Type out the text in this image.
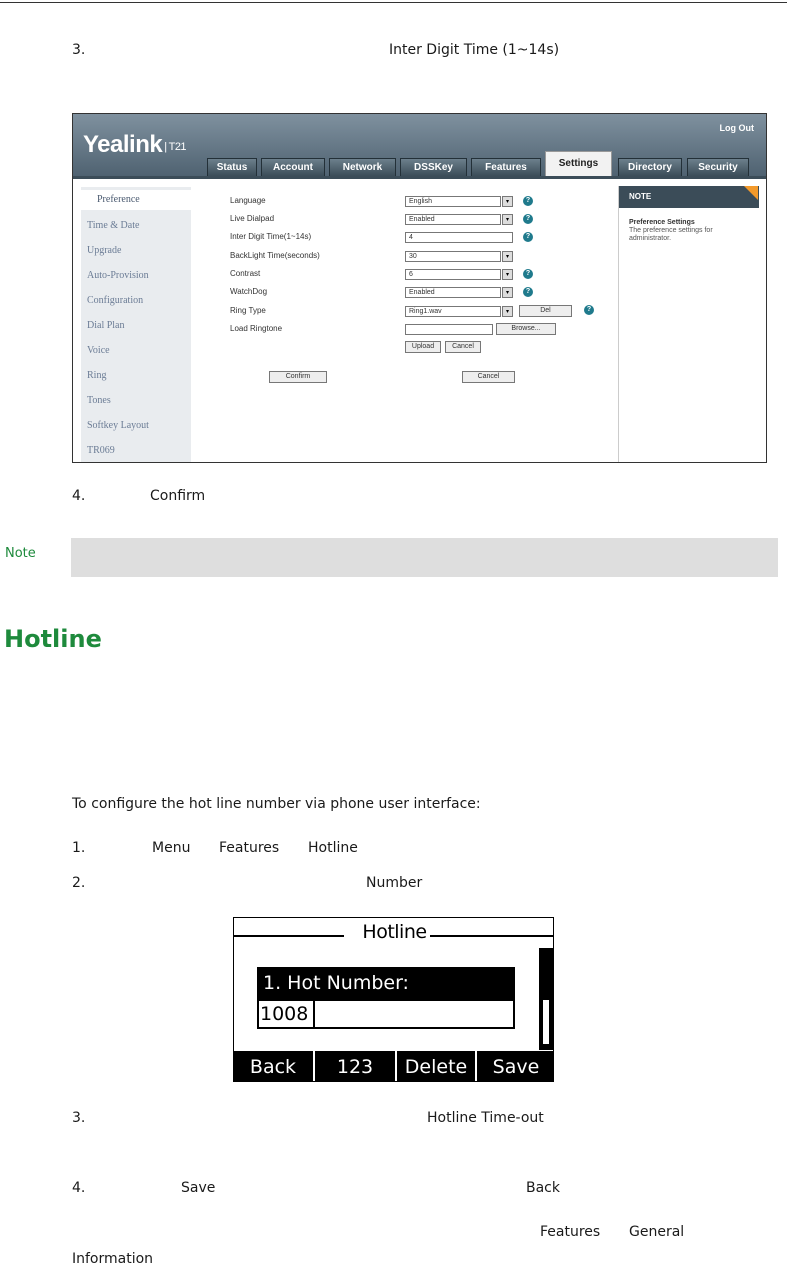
3.	Inter Digit Time (1~14s)
Yealink | T21
Log Out
Status	Account	Network	DSSKey	Features	Settings	Directory	Security
Preference
Time & Date
Upgrade
Auto-Provision
Configuration
Dial Plan
Voice
Ring
Tones
Softkey Layout
TR069
Language	English	▾	?
Live Dialpad	Enabled	▾	?
Inter Digit Time(1~14s)	4	?
BackLight Time(seconds)	30	▾
Contrast	6	▾	?
WatchDog	Enabled	▾	?
Ring Type	Ring1.wav	▾	Del	?
Load Ringtone	Browse...
Upload	Cancel
Confirm	Cancel
NOTE
Preference Settings
The preference settings for administrator.
4.	Confirm
Note
Hotline
To configure the hot line number via phone user interface:
1.	Menu Features Hotline
2.	Number
Hotline
1. Hot Number:
1008
Back	123	Delete	Save
3.	Hotline Time-out
4.	Save	Back
Features General
Information
